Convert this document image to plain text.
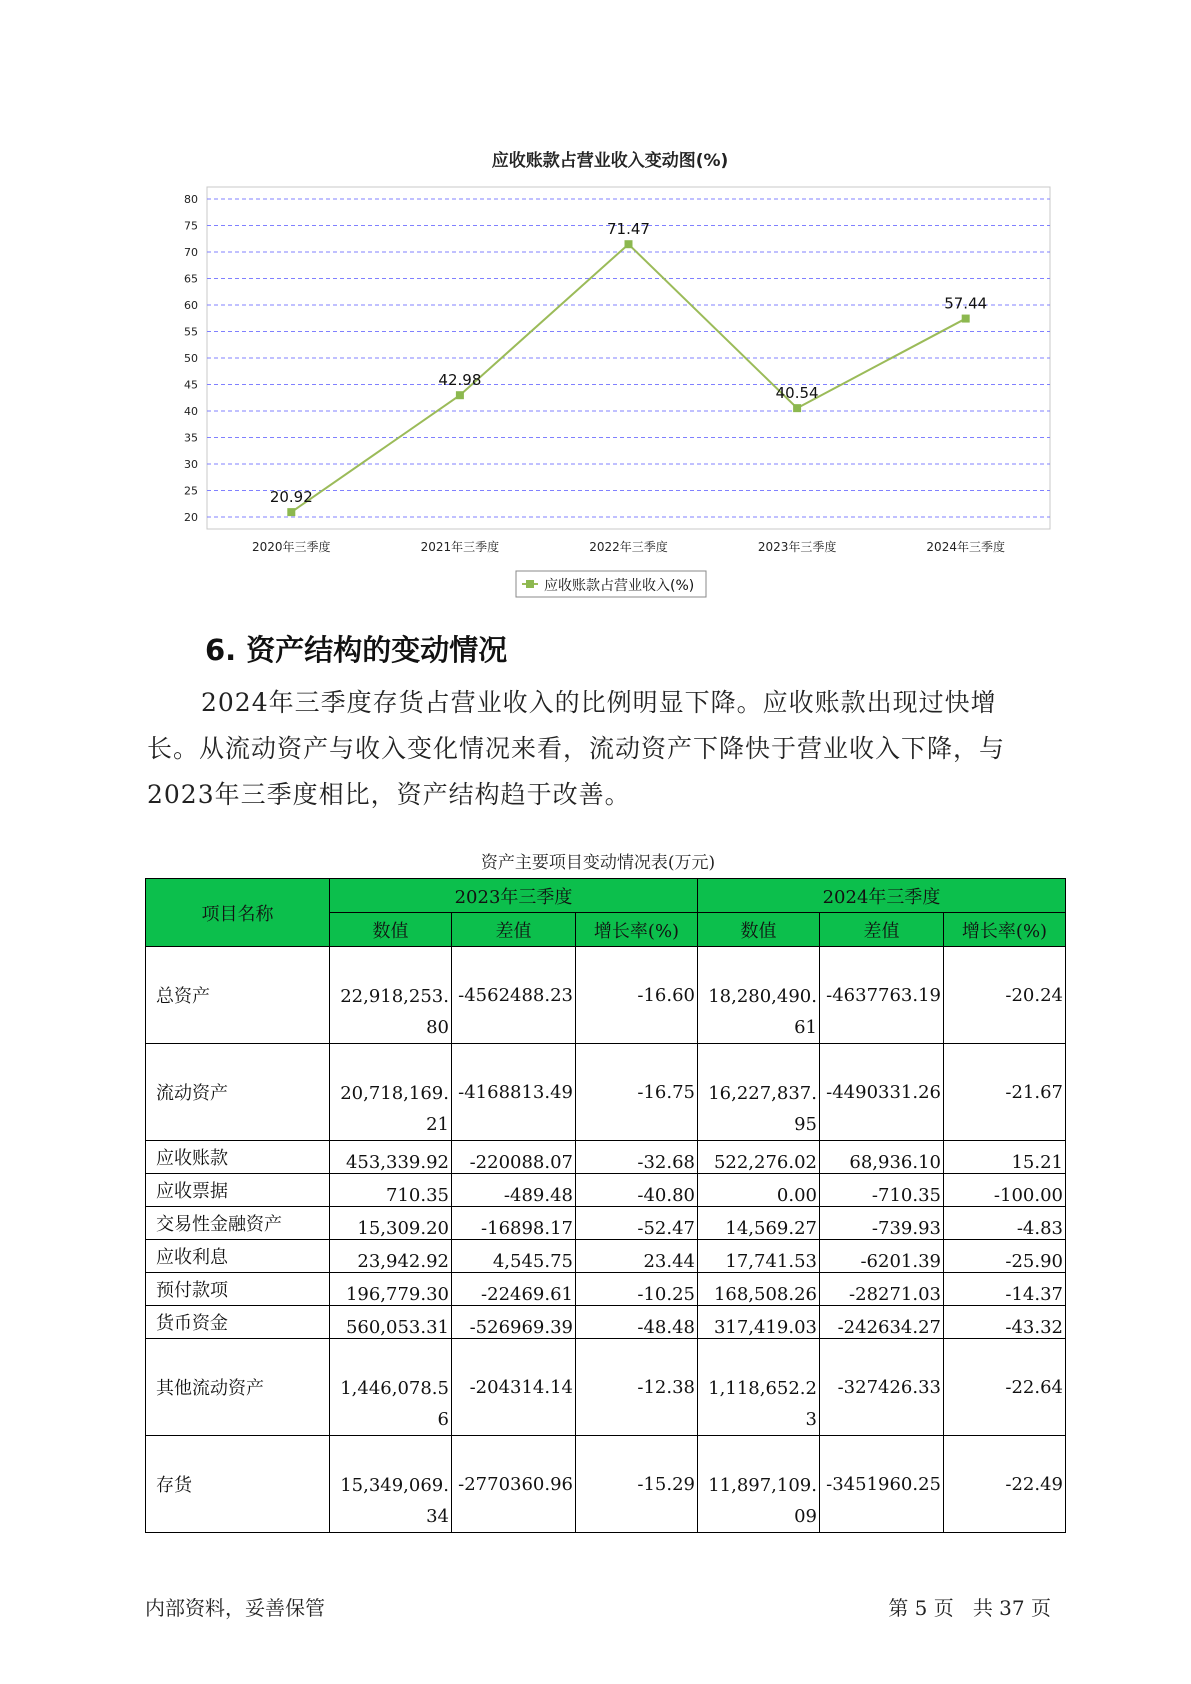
应收账款占营业收入变动图(%)
20
25
30
35
40
45
50
55
60
65
70
75
80
2020年三季度	2021年三季度	2022年三季度	2023年三季度	2024年三季度
20.92
42.98
71.47
40.54
57.44
应收账款占营业收入(%)
6. 资产结构的变动情况

2024年三季度存货占营业收入的比例明显下降。应收账款出现过快增长。从流动资产与收入变化情况来看，流动资产下降快于营业收入下降，与2023年三季度相比，资产结构趋于改善。

资产主要项目变动情况表(万元)
项目名称	2023年三季度			2024年三季度		
	数值	差值	增长率(%)	数值	差值	增长率(%)
总资产	22,918,253.80	-4562488.23	-16.60	18,280,490.61	-4637763.19	-20.24
流动资产	20,718,169.21	-4168813.49	-16.75	16,227,837.95	-4490331.26	-21.67
应收账款	453,339.92	-220088.07	-32.68	522,276.02	68,936.10	15.21
应收票据	710.35	-489.48	-40.80	0.00	-710.35	-100.00
交易性金融资产	15,309.20	-16898.17	-52.47	14,569.27	-739.93	-4.83
应收利息	23,942.92	4,545.75	23.44	17,741.53	-6201.39	-25.90
预付款项	196,779.30	-22469.61	-10.25	168,508.26	-28271.03	-14.37
货币资金	560,053.31	-526969.39	-48.48	317,419.03	-242634.27	-43.32
其他流动资产	1,446,078.56	-204314.14	-12.38	1,118,652.23	-327426.33	-22.64
存货	15,349,069.34	-2770360.96	-15.29	11,897,109.09	-3451960.25	-22.49
内部资料，妥善保管	第 5 页   共 37 页
